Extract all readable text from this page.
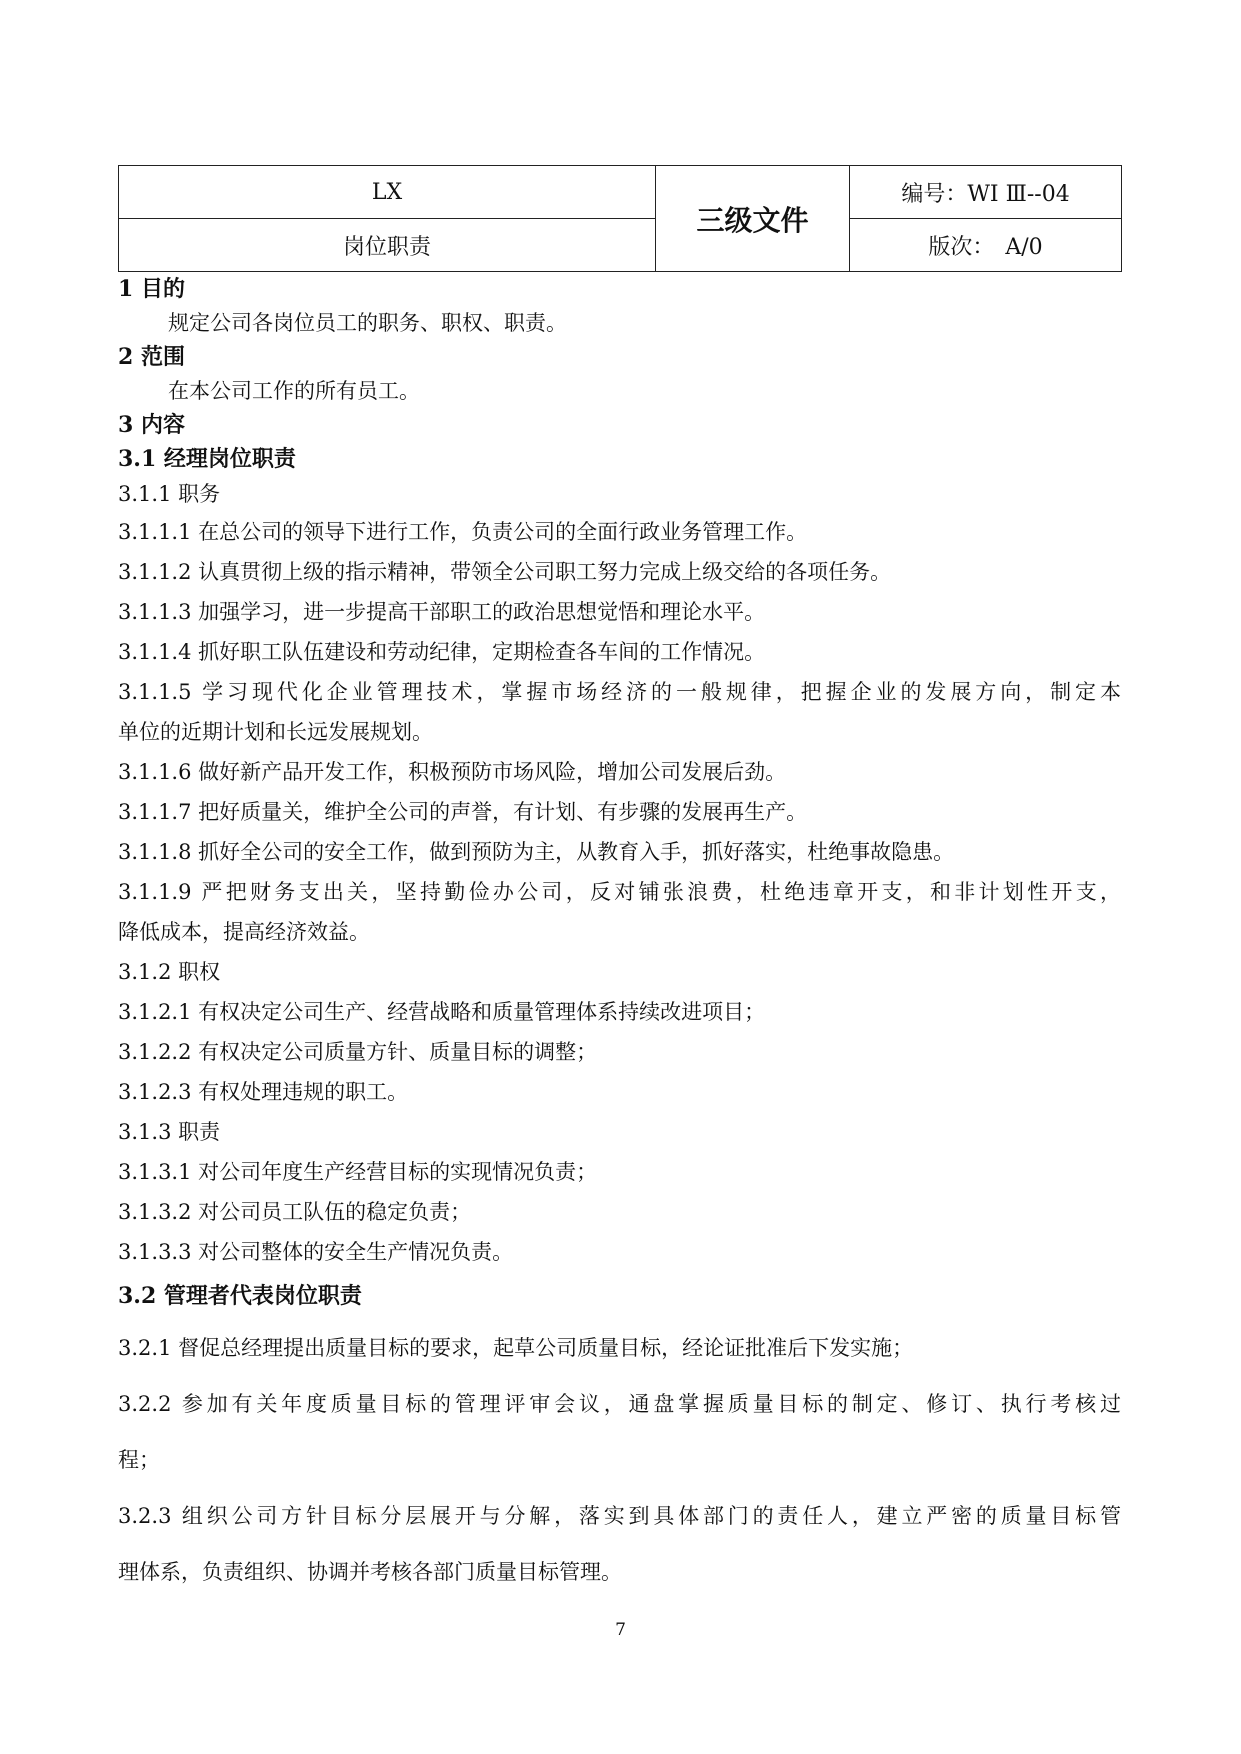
LX	三级文件	编号：WI Ⅲ--04
岗位职责		版次：　A/0
1 目的
规定公司各岗位员工的职务、职权、职责。
2 范围
在本公司工作的所有员工。
3 内容
3.1 经理岗位职责
3.1.1 职务
3.1.1.1 在总公司的领导下进行工作，负责公司的全面行政业务管理工作。
3.1.1.2 认真贯彻上级的指示精神，带领全公司职工努力完成上级交给的各项任务。
3.1.1.3 加强学习，进一步提高干部职工的政治思想觉悟和理论水平。
3.1.1.4 抓好职工队伍建设和劳动纪律，定期检查各车间的工作情况。
3.1.1.5 学习现代化企业管理技术，掌握市场经济的一般规律，把握企业的发展方向，制定本
单位的近期计划和长远发展规划。
3.1.1.6 做好新产品开发工作，积极预防市场风险，增加公司发展后劲。
3.1.1.7 把好质量关，维护全公司的声誉，有计划、有步骤的发展再生产。
3.1.1.8 抓好全公司的安全工作，做到预防为主，从教育入手，抓好落实，杜绝事故隐患。
3.1.1.9 严把财务支出关，坚持勤俭办公司，反对铺张浪费，杜绝违章开支，和非计划性开支，
降低成本，提高经济效益。
3.1.2 职权
3.1.2.1 有权决定公司生产、经营战略和质量管理体系持续改进项目；
3.1.2.2 有权决定公司质量方针、质量目标的调整；
3.1.2.3 有权处理违规的职工。
3.1.3 职责
3.1.3.1 对公司年度生产经营目标的实现情况负责；
3.1.3.2 对公司员工队伍的稳定负责；
3.1.3.3 对公司整体的安全生产情况负责。
3.2 管理者代表岗位职责
3.2.1 督促总经理提出质量目标的要求，起草公司质量目标，经论证批准后下发实施；
3.2.2 参加有关年度质量目标的管理评审会议，通盘掌握质量目标的制定、修订、执行考核过
程；
3.2.3 组织公司方针目标分层展开与分解，落实到具体部门的责任人，建立严密的质量目标管
理体系，负责组织、协调并考核各部门质量目标管理。
7
